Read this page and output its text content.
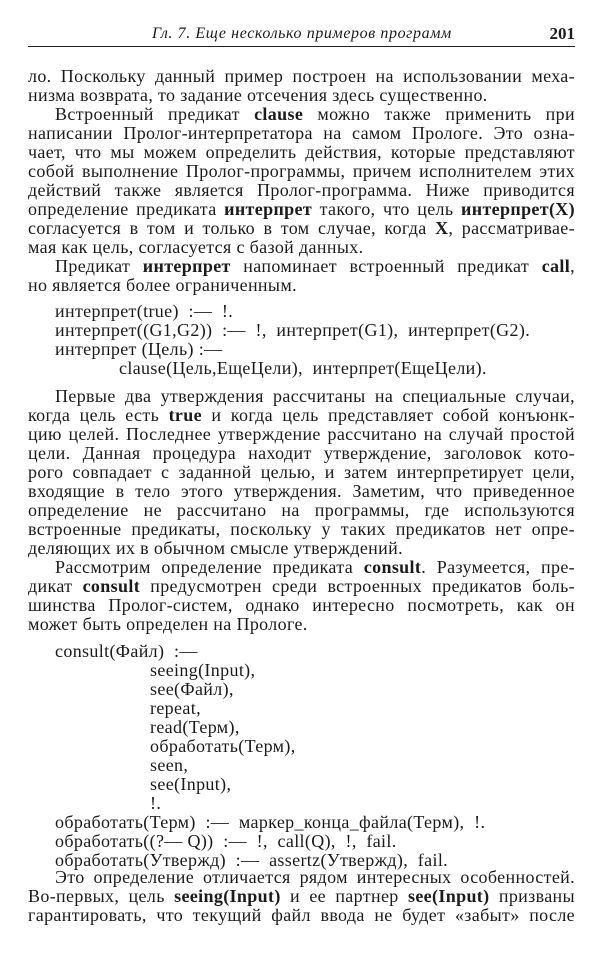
Гл. 7. Еще несколько примеров программ	201
ло. Поскольку данный пример построен на использовании меха-
низма возврата, то задание отсечения здесь существенно.
Встроенный предикат clause можно также применить при
написании Пролог-интерпретатора на самом Прологе. Это озна-
чает, что мы можем определить действия, которые представляют
собой выполнение Пролог-программы, причем исполнителем этих
действий также является Пролог-программа. Ниже приводится
определение предиката интерпрет такого, что цель интерпрет(X)
согласуется в том и только в том случае, когда X, рассматривае-
мая как цель, согласуется с базой данных.
Предикат интерпрет напоминает встроенный предикат call,
но является более ограниченным.
интерпрет(true)  :—  !.
интерпрет((G1,G2))  :—  !,  интерпрет(G1),  интерпрет(G2).
интерпрет (Цель) :—
clause(Цель,ЕщеЦели),  интерпрет(ЕщеЦели).
Первые два утверждения рассчитаны на специальные случаи,
когда цель есть true и когда цель представляет собой конъюнк-
цию целей. Последнее утверждение рассчитано на случай простой
цели. Данная процедура находит утверждение, заголовок кото-
рого совпадает с заданной целью, и затем интерпретирует цели,
входящие в тело этого утверждения. Заметим, что приведенное
определение не рассчитано на программы, где используются
встроенные предикаты, поскольку у таких предикатов нет опре-
деляющих их в обычном смысле утверждений.
Рассмотрим определение предиката consult. Разумеется, пре-
дикат consult предусмотрен среди встроенных предикатов боль-
шинства Пролог-систем, однако интересно посмотреть, как он
может быть определен на Прологе.
consult(Файл)  :—
seeing(Input),
see(Файл),
repeat,
read(Терм),
обработать(Терм),
seen,
see(Input),
!.
обработать(Терм)  :—  маркер_конца_файла(Терм),  !.
обработать((?— Q))  :—  !,  call(Q),  !,  fail.
обработать(Утвержд)  :—  assertz(Утвержд),  fail.
Это определение отличается рядом интересных особенностей.
Во-первых, цель seeing(Input) и ее партнер see(Input) призваны
гарантировать, что текущий файл ввода не будет «забыт» после
